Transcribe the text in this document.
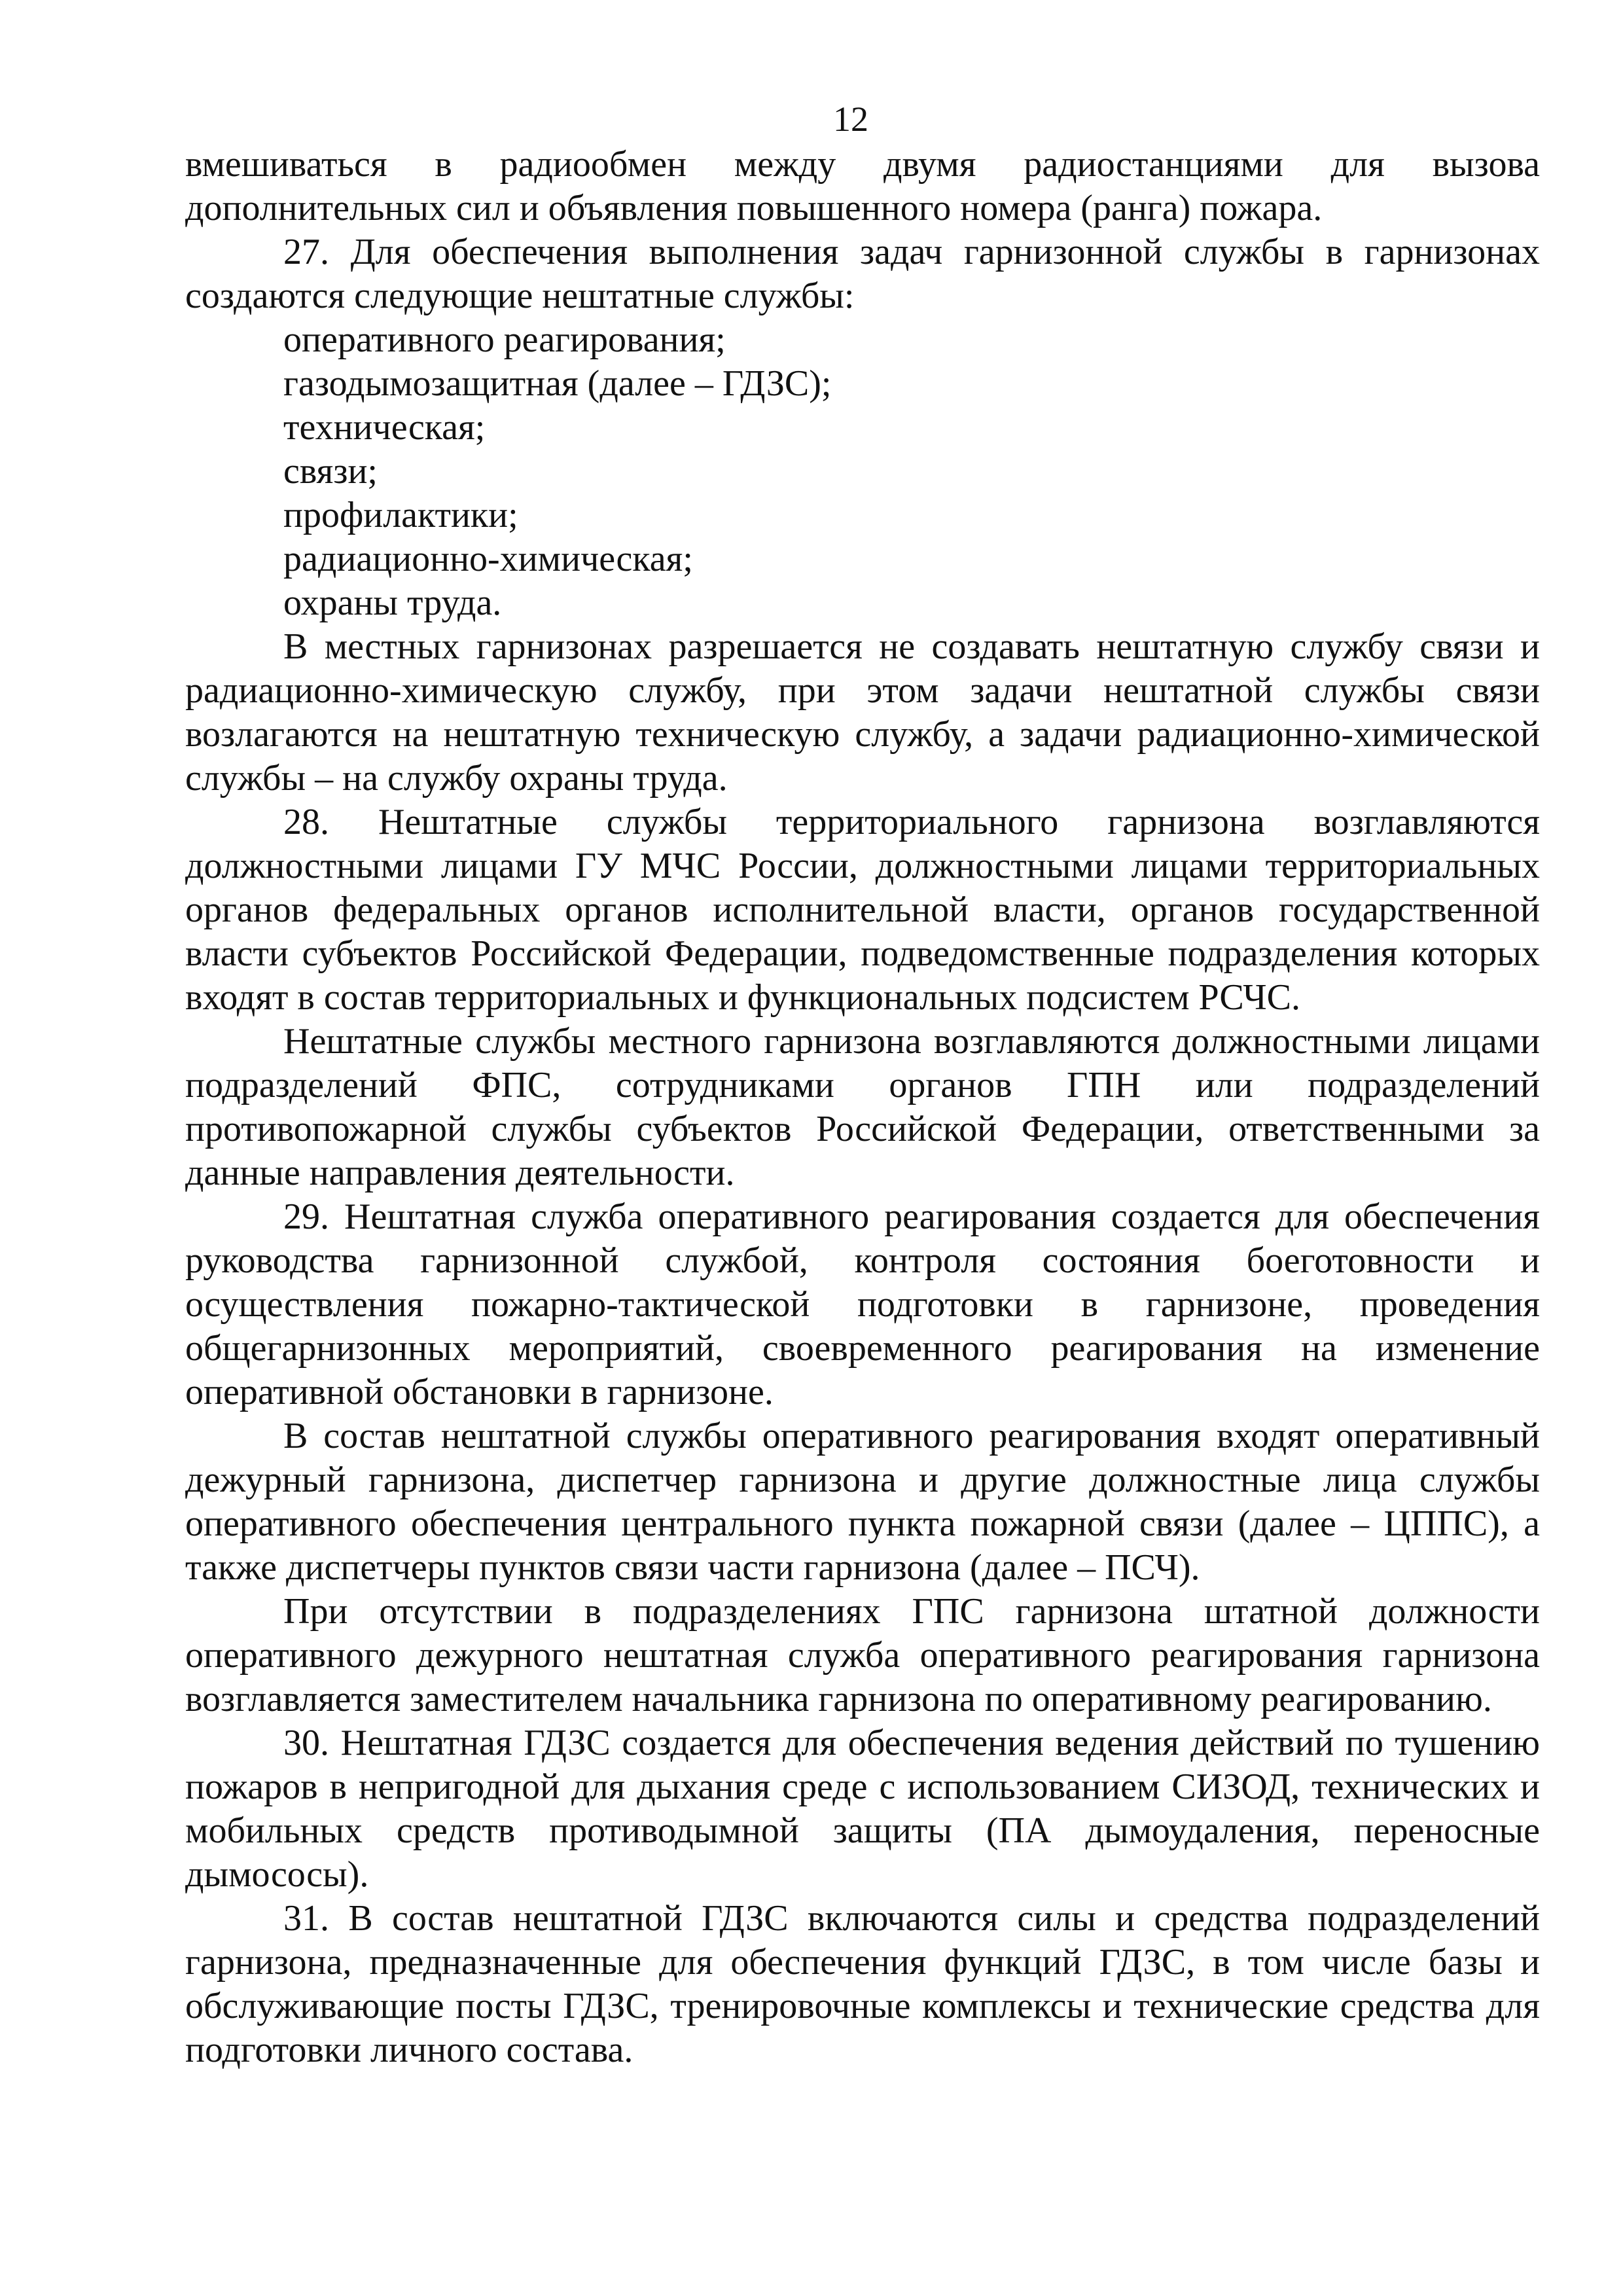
12

вмешиваться в радиообмен между двумя радиостанциями для вызова дополнительных сил и объявления повышенного номера (ранга) пожара.

27. Для обеспечения выполнения задач гарнизонной службы в гарнизонах создаются следующие нештатные службы:

оперативного реагирования;

газодымозащитная (далее – ГДЗС);

техническая;

связи;

профилактики;

радиационно-химическая;

охраны труда.

В местных гарнизонах разрешается не создавать нештатную службу связи и радиационно-химическую службу, при этом задачи нештатной службы связи возлагаются на нештатную техническую службу, а задачи радиационно-химической службы – на службу охраны труда.

28. Нештатные службы территориального гарнизона возглавляются должностными лицами ГУ МЧС России, должностными лицами территориальных органов федеральных органов исполнительной власти, органов государственной власти субъектов Российской Федерации, подведомственные подразделения которых входят в состав территориальных и функциональных подсистем РСЧС.

Нештатные службы местного гарнизона возглавляются должностными лицами подразделений ФПС, сотрудниками органов ГПН или подразделений противопожарной службы субъектов Российской Федерации, ответственными за данные направления деятельности.

29. Нештатная служба оперативного реагирования создается для обеспечения руководства гарнизонной службой, контроля состояния боеготовности и осуществления пожарно-тактической подготовки в гарнизоне, проведения общегарнизонных мероприятий, своевременного реагирования на изменение оперативной обстановки в гарнизоне.

В состав нештатной службы оперативного реагирования входят оперативный дежурный гарнизона, диспетчер гарнизона и другие должностные лица службы оперативного обеспечения центрального пункта пожарной связи (далее – ЦППС), а также диспетчеры пунктов связи части гарнизона (далее – ПСЧ).

При отсутствии в подразделениях ГПС гарнизона штатной должности оперативного дежурного нештатная служба оперативного реагирования гарнизона возглавляется заместителем начальника гарнизона по оперативному реагированию.

30. Нештатная ГДЗС создается для обеспечения ведения действий по тушению пожаров в непригодной для дыхания среде с использованием СИЗОД, технических и мобильных средств противодымной защиты (ПА дымоудаления, переносные дымососы).

31. В состав нештатной ГДЗС включаются силы и средства подразделений гарнизона, предназначенные для обеспечения функций ГДЗС, в том числе базы и обслуживающие посты ГДЗС, тренировочные комплексы и технические средства для подготовки личного состава.
